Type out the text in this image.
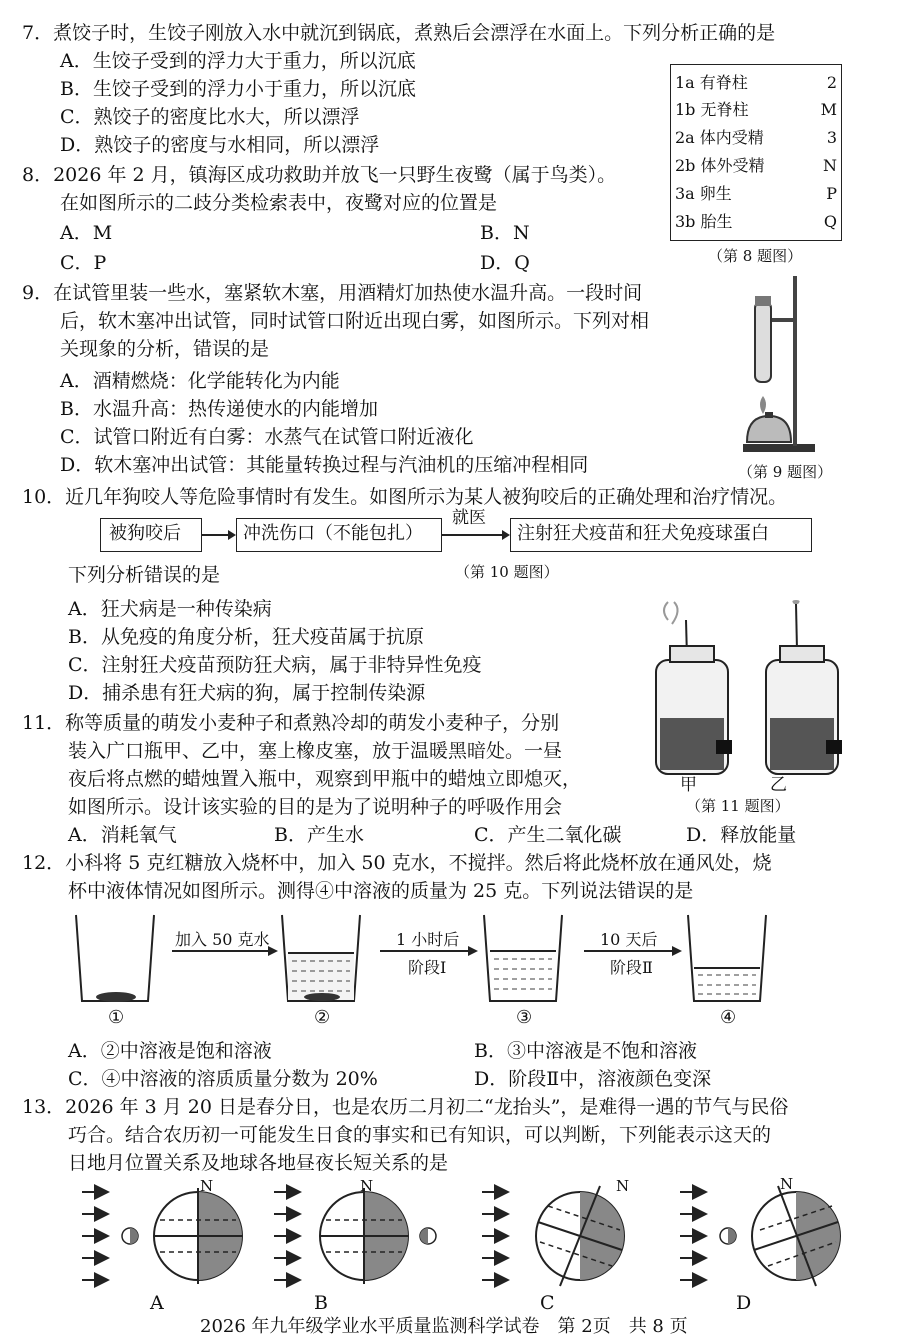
7．煮饺子时，生饺子刚放入水中就沉到锅底，煮熟后会漂浮在水面上。下列分析正确的是
A．生饺子受到的浮力大于重力，所以沉底
B．生饺子受到的浮力小于重力，所以沉底
C．熟饺子的密度比水大，所以漂浮
D．熟饺子的密度与水相同，所以漂浮
1a 有脊柱	2
1b 无脊柱	M
2a 体内受精	3
2b 体外受精	N
3a 卵生	P
3b 胎生	Q
（第 8 题图）
8．2026 年 2 月，镇海区成功救助并放飞一只野生夜鹭（属于鸟类）。
在如图所示的二歧分类检索表中，夜鹭对应的位置是
A．M	B．N
C．P	D．Q
9．在试管里装一些水，塞紧软木塞，用酒精灯加热使水温升高。一段时间
后，软木塞冲出试管，同时试管口附近出现白雾，如图所示。下列对相
关现象的分析，错误的是
A．酒精燃烧：化学能转化为内能
B．水温升高：热传递使水的内能增加
C．试管口附近有白雾：水蒸气在试管口附近液化
D．软木塞冲出试管：其能量转换过程与汽油机的压缩冲程相同	（第 9 题图）
10．近几年狗咬人等危险事情时有发生。如图所示为某人被狗咬后的正确处理和治疗情况。
被狗咬后	冲洗伤口（不能包扎）	注射狂犬疫苗和狂犬免疫球蛋白
就医
（第 10 题图）
下列分析错误的是
A．狂犬病是一种传染病
B．从免疫的角度分析，狂犬疫苗属于抗原
C．注射狂犬疫苗预防狂犬病，属于非特异性免疫
D．捕杀患有狂犬病的狗，属于控制传染源
甲	乙
（第 11 题图）
11．称等质量的萌发小麦种子和煮熟冷却的萌发小麦种子，分别
装入广口瓶甲、乙中，塞上橡皮塞，放于温暖黑暗处。一昼
夜后将点燃的蜡烛置入瓶中，观察到甲瓶中的蜡烛立即熄灭，
如图所示。设计该实验的目的是为了说明种子的呼吸作用会
A．消耗氧气	B．产生水	C．产生二氧化碳	D．释放能量
12．小科将 5 克红糖放入烧杯中，加入 50 克水，不搅拌。然后将此烧杯放在通风处，烧
杯中液体情况如图所示。测得④中溶液的质量为 25 克。下列说法错误的是
加入 50 克水	1 小时后
阶段Ⅰ
10 天后
阶段Ⅱ
①	②	③	④
A．②中溶液是饱和溶液	B．③中溶液是不饱和溶液
C．④中溶液的溶质质量分数为 20%	D．阶段Ⅱ中，溶液颜色变深
13．2026 年 3 月 20 日是春分日，也是农历二月初二“龙抬头”，是难得一遇的节气与民俗
巧合。结合农历初一可能发生日食的事实和已有知识，可以判断，下列能表示这天的
日地月位置关系及地球各地昼夜长短关系的是
N	N	N	N
A	B	C	D
2026 年九年级学业水平质量监测科学试卷　第 2页　共 8 页
